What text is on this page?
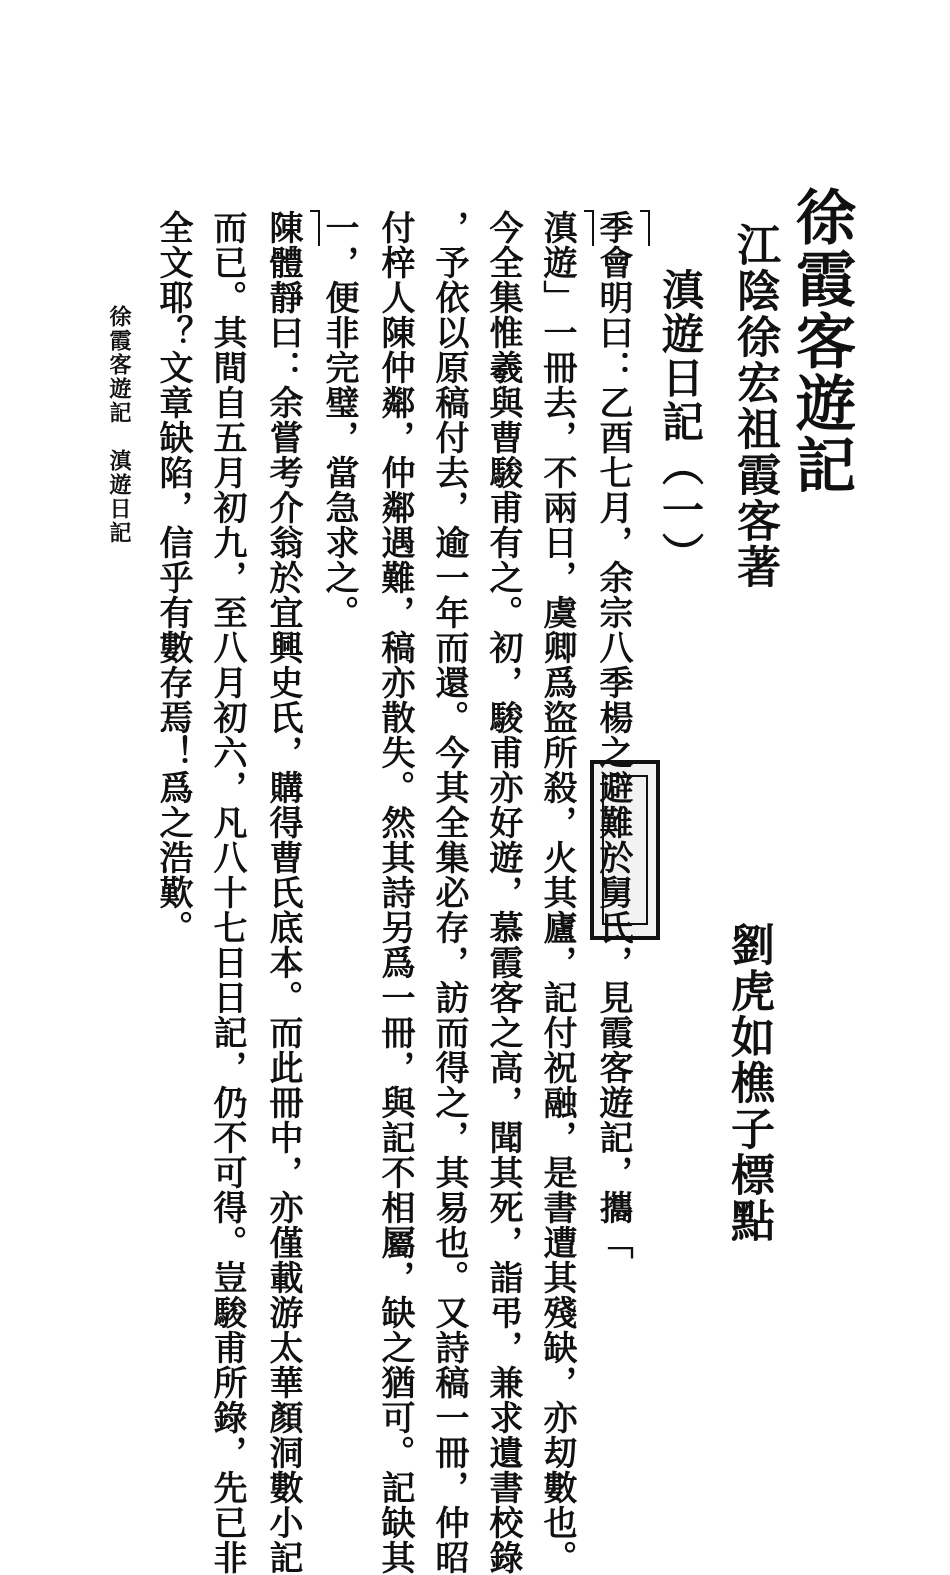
徐霞客遊記
江陰徐宏祖霞客著
滇遊日記（一）
劉虎如樵子標點
季會明曰：乙酉七月，余宗八季楊之避難於舅氏，見霞客遊記，攜「
滇遊」一冊去，不兩日，虞卿爲盜所殺，火其廬，記付祝融，是書遭其殘缺，亦刧數也。
今全集惟羲與曹駿甫有之。初，駿甫亦好遊，慕霞客之高，聞其死，詣弔，兼求遺書校錄
，予依以原稿付去，逾一年而還。今其全集必存，訪而得之，其易也。又詩稿一冊，仲昭
付梓人陳仲鄰，仲鄰遇難，稿亦散失。然其詩另爲一冊，與記不相屬，缺之猶可。記缺其
一，便非完璧，當急求之。
陳體靜曰：余嘗考介翁於宜興史氏，購得曹氏底本。而此冊中，亦僅載游太華顏洞數小記
而已。其間自五月初九，至八月初六，凡八十七日日記，仍不可得。豈駿甫所錄，先已非
全文耶？文章缺陷，信乎有數存焉！爲之浩歎。
徐霞客遊記　滇遊日記
